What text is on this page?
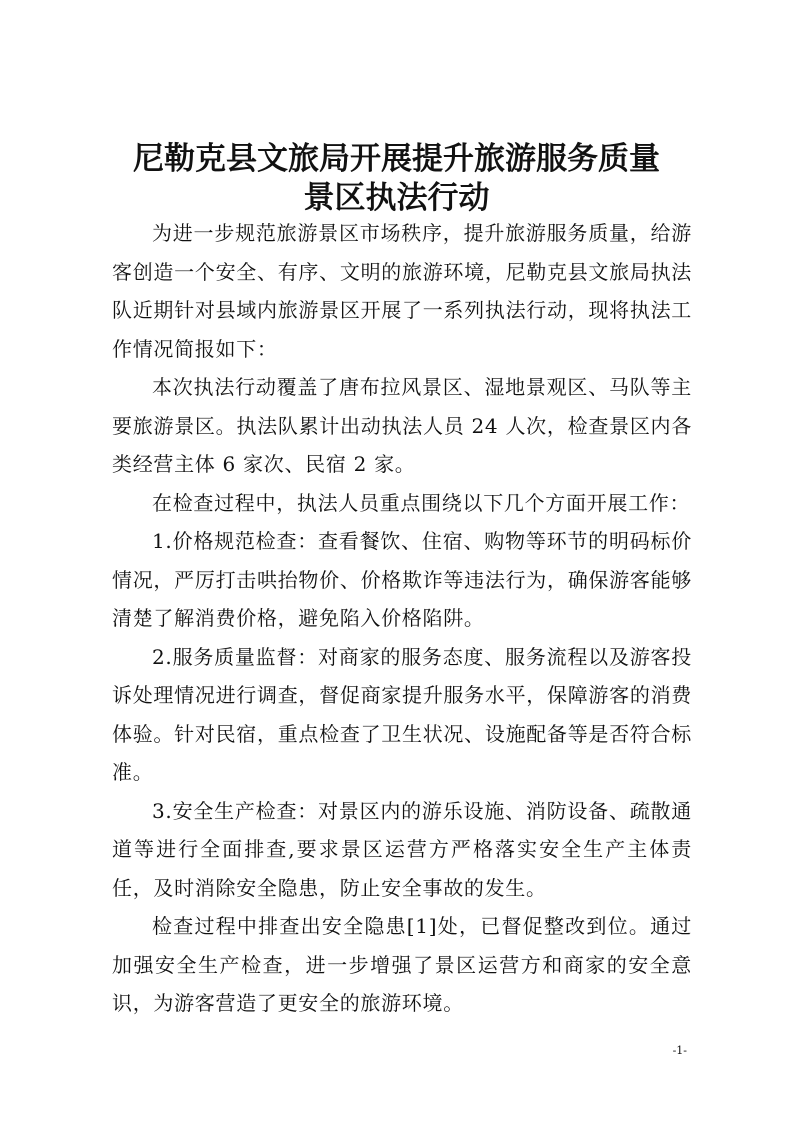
尼勒克县文旅局开展提升旅游服务质量
景区执法行动

为进一步规范旅游景区市场秩序，提升旅游服务质量，给游客创造一个安全、有序、文明的旅游环境，尼勒克县文旅局执法队近期针对县域内旅游景区开展了一系列执法行动，现将执法工作情况简报如下：

本次执法行动覆盖了唐布拉风景区、湿地景观区、马队等主要旅游景区。执法队累计出动执法人员 24 人次，检查景区内各类经营主体 6 家次、民宿 2 家。

在检查过程中，执法人员重点围绕以下几个方面开展工作：

1.价格规范检查：查看餐饮、住宿、购物等环节的明码标价情况，严厉打击哄抬物价、价格欺诈等违法行为，确保游客能够清楚了解消费价格，避免陷入价格陷阱。

2.服务质量监督：对商家的服务态度、服务流程以及游客投诉处理情况进行调查，督促商家提升服务水平，保障游客的消费体验。针对民宿，重点检查了卫生状况、设施配备等是否符合标准。

3.安全生产检查：对景区内的游乐设施、消防设备、疏散通道等进行全面排查,要求景区运营方严格落实安全生产主体责任，及时消除安全隐患，防止安全事故的发生。

检查过程中排查出安全隐患[1]处，已督促整改到位。通过加强安全生产检查，进一步增强了景区运营方和商家的安全意识，为游客营造了更安全的旅游环境。

-1-
